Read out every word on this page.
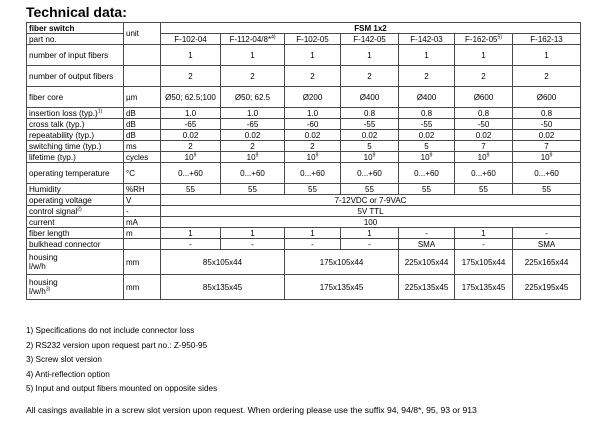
Technical data:
fiber switch	unit	FSM 1x2						
part no.		F-102-04	F-112-04/8*$^{4)}$	F-102-05	F-142-05	F-142-03	F-162-05$^{5)}$	F-162-13
number of input fibers		1	1	1	1	1	1	1
number of output fibers		2	2	2	2	2	2	2
fiber core	µm	Ø50; 62.5;100	Ø50; 62.5	Ø200	Ø400	Ø400	Ø600	Ø600
insertion loss $(typ.)^{1)}$	dB	1.0	1.0	1.0	0.8	0.8	0.8	0.8
cross talk (typ.)	dB	-65	-65	-60	-55	-55	-50	-50
repeatability (typ.)	dB	0.02	0.02	0.02	0.02	0.02	0.02	0.02
switching time (typ.)	ms	2	2	2	5	5	7	7
lifetime (typ.)	cycles	$10^9$	$10^9$	$10^9$	$10^9$	$10^9$	$10^9$	$10^9$
operating temperature	°C	0...+60	0...+60	0...+60	0...+60	0...+60	0...+60	0...+60
Humidity	%RH	55	55	55	55	55	55	55
operating voltage	V	7-12VDC or 7-9VAC						
control signal$^{2)}$	-	5V TTL						
current	mA	100						
fiber length	m	1	1	1	1	-	1	-
bulkhead connector		-	-	-	-	SMA	-	SMA
housing
l/w/h	mm	85x105x44		175x105x44		225x105x44	175x105x44	225x165x44
housing
$l/w/h^{3)}$	mm	85x135x45		175x135x45		225x135x45	175x135x45	225x195x45
1) Specifications do not include connector loss
2) RS232 version upon request part no.: Z-950-95
3) Screw slot version
4) Anti-reflection option
5) Input and output fibers mounted on opposite sides
All casings available in a screw slot version upon request. When ordering please use the suffix 94, 94/8*, 95, 93 or 913
